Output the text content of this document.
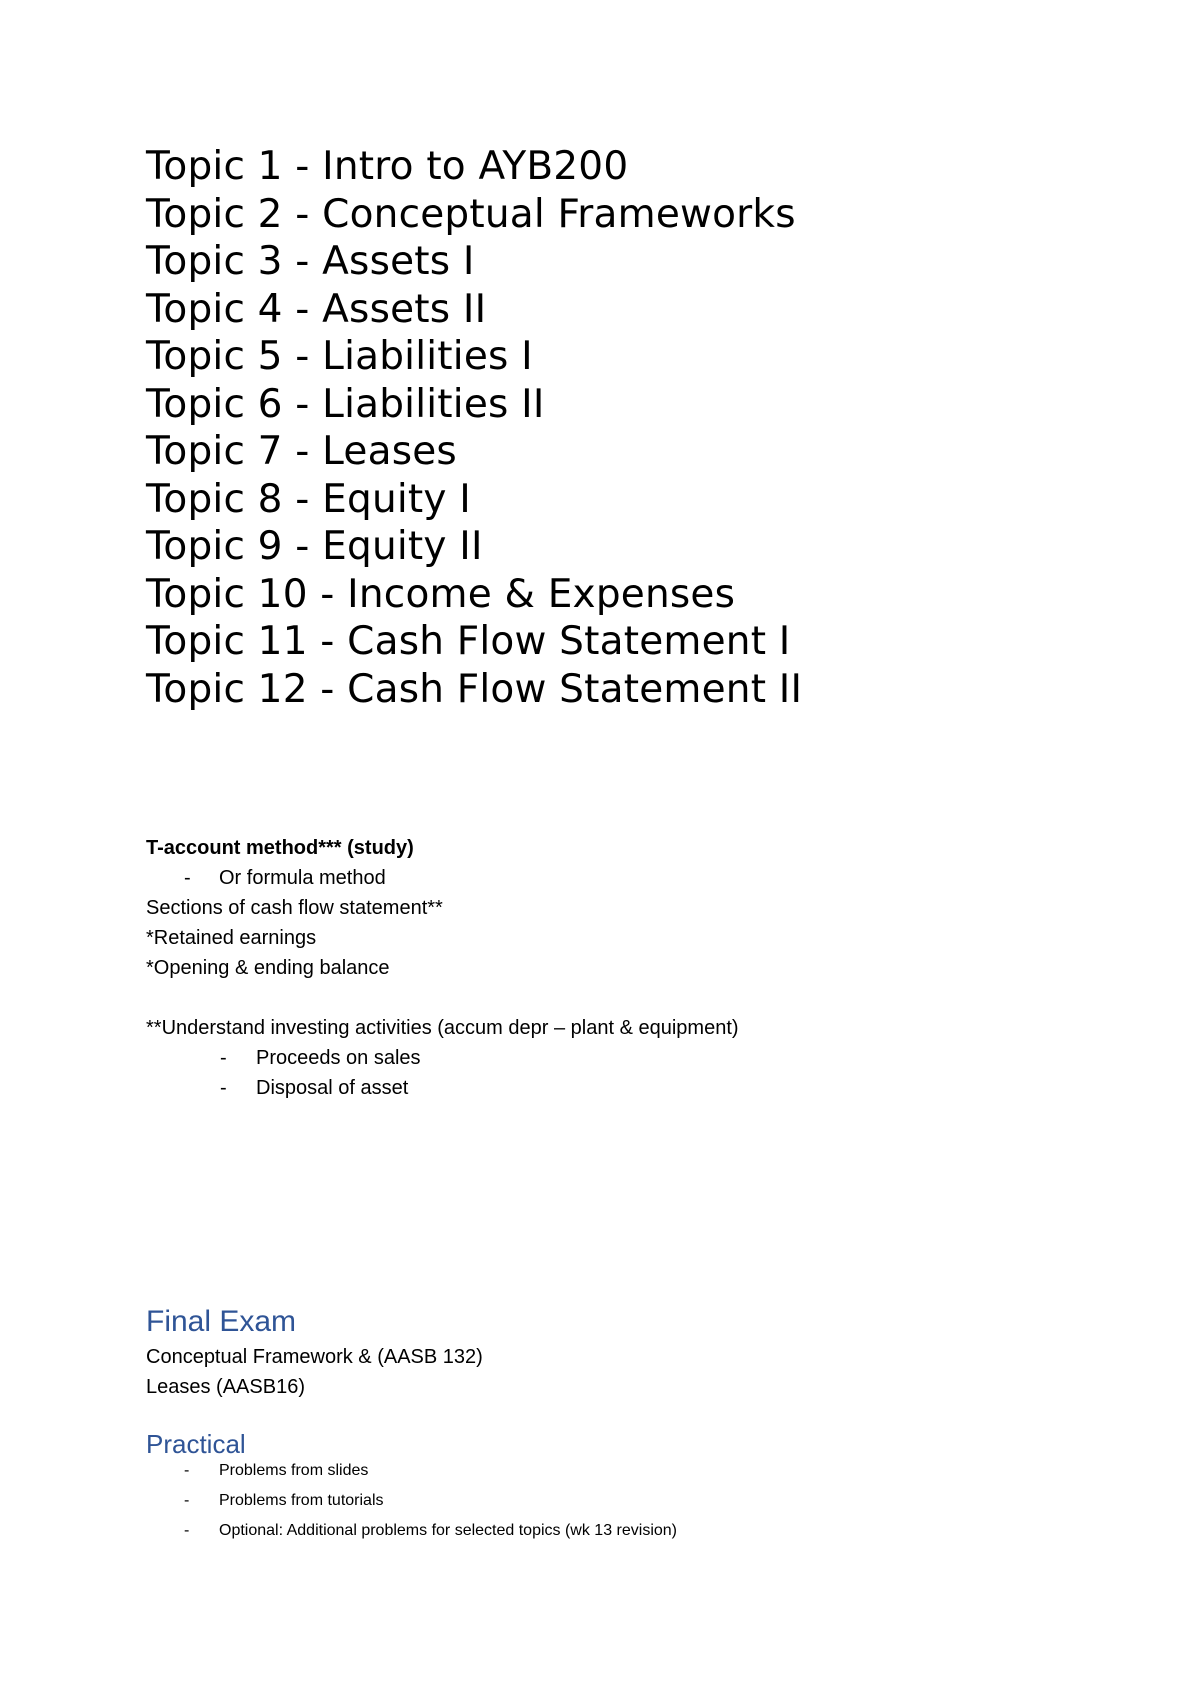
Topic 1 - Intro to AYB200
Topic 2 - Conceptual Frameworks
Topic 3 - Assets I
Topic 4 - Assets II
Topic 5 - Liabilities I
Topic 6 - Liabilities II
Topic 7 - Leases
Topic 8 - Equity I
Topic 9 - Equity II
Topic 10 - Income & Expenses
Topic 11 - Cash Flow Statement I
Topic 12 - Cash Flow Statement II
T-account method*** (study)
- Or formula method
Sections of cash flow statement**
*Retained earnings
*Opening & ending balance
**Understand investing activities (accum depr – plant & equipment)
- Proceeds on sales
- Disposal of asset
Final Exam
Conceptual Framework & (AASB 132)
Leases (AASB16)
Practical
- Problems from slides
- Problems from tutorials
- Optional: Additional problems for selected topics (wk 13 revision)
